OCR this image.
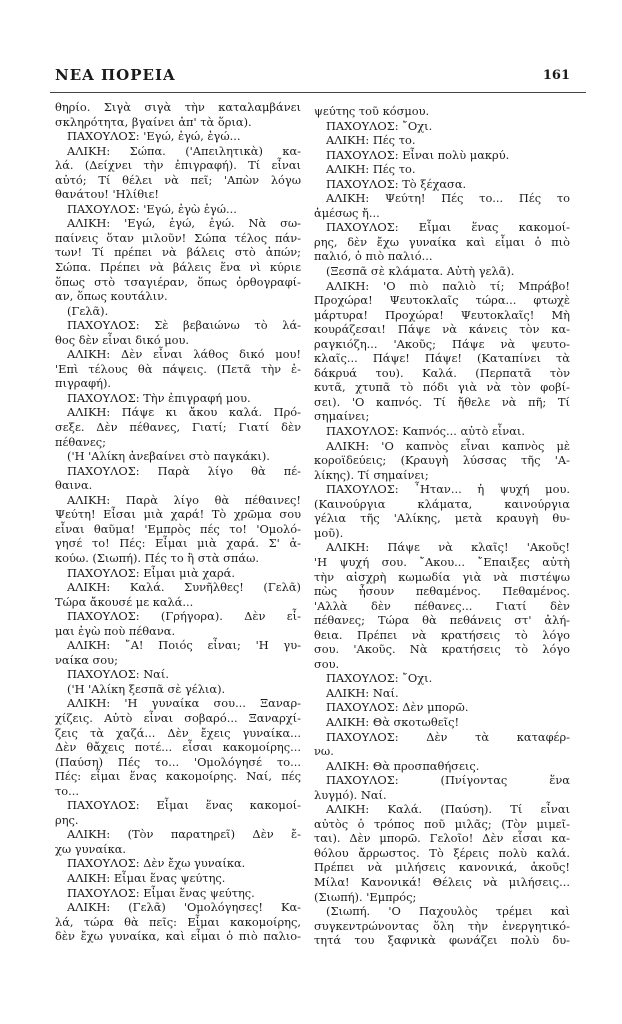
ΝΕΑ ΠΟΡΕΙΑ	161
θηρίο. Σιγὰ σιγὰ τὴν καταλαμβάνει
σκληρότητα, βγαίνει ἀπ' τὰ ὅρια).
ΠΑΧΟΥΛΟΣ: 'Εγώ, ἐγώ, ἐγώ...
ΑΛΙΚΗ: Σώπα. ('Απειλητικὰ) κα-
λά. (Δείχνει τὴν ἐπιγραφή). Τί εἶναι
αὐτό; Τί θέλει νὰ πεῖ; 'Απὼν λόγω
θανάτου! 'Ηλίθιε!
ΠΑΧΟΥΛΟΣ: 'Εγώ, ἐγὼ ἐγώ...
ΑΛΙΚΗ: 'Εγώ, ἐγώ, ἐγώ. Νὰ σω-
παίνεις ὅταν μιλοῦν! Σώπα τέλος πάν-
των! Τί πρέπει νὰ βάλεις στὸ ἀπών;
Σώπα. Πρέπει νὰ βάλεις ἕνα νὶ κύριε
ὅπως στὸ τσαγιέραν, ὅπως ὀρθογραφί-
αν, ὅπως κουτάλιν.
(Γελᾶ).
ΠΑΧΟΥΛΟΣ: Σὲ βεβαιώνω τὸ λά-
θος δὲν εἶναι δικό μου.
ΑΛΙΚΗ: Δὲν εἶναι λάθος δικό μου!
'Επὶ τέλους θὰ πάψεις. (Πετᾶ τὴν ἐ-
πιγραφή).
ΠΑΧΟΥΛΟΣ: Τὴν ἐπιγραφή μου.
ΑΛΙΚΗ: Πάψε κι ἄκου καλά. Πρό-
σεξε. Δὲν πέθανες, Γιατί; Γιατί δὲν
πέθανες;
('Η 'Αλίκη ἀνεβαίνει στὸ παγκάκι).
ΠΑΧΟΥΛΟΣ: Παρὰ λίγο θὰ πέ-
θαινα.
ΑΛΙΚΗ: Παρὰ λίγο θὰ πέθαινες!
Ψεύτη! Εἶσαι μιὰ χαρά! Τὸ χρῶμα σου
εἶναι θαῦμα! 'Εμπρὸς πές το! 'Ομολό-
γησέ το! Πές: Εἶμαι μιὰ χαρά. Σ' ἀ-
κούω. (Σιωπή). Πές το ἢ στὰ σπάω.
ΠΑΧΟΥΛΟΣ: Εἶμαι μιὰ χαρά.
ΑΛΙΚΗ: Καλά. Συνῆλθες! (Γελᾶ)
Τώρα ἄκουσέ με καλά...
ΠΑΧΟΥΛΟΣ: (Γρήγορα). Δὲν εἶ-
μαι ἐγὼ ποὺ πέθανα.
ΑΛΙΚΗ: ῎Α! Ποιός εἶναι; 'Η γυ-
ναίκα σου;
ΠΑΧΟΥΛΟΣ: Ναί.
('Η 'Αλίκη ξεσπᾶ σὲ γέλια).
ΑΛΙΚΗ: 'Η γυναίκα σου... Ξαναρ-
χίζεις. Αὐτὸ εἶναι σοβαρό... Ξαναρχί-
ζεις τὰ χαζά... Δὲν ἔχεις γυναίκα...
Δὲν θἄχεις ποτέ... εἶσαι κακομοίρης...
(Παύση) Πές το... 'Ομολόγησέ το...
Πές: εἶμαι ἕνας κακομοίρης. Ναί, πές
το...
ΠΑΧΟΥΛΟΣ: Εἶμαι ἕνας κακομοί-
ρης.
ΑΛΙΚΗ: (Τὸν παρατηρεῖ) Δὲν ἔ-
χω γυναίκα.
ΠΑΧΟΥΛΟΣ: Δὲν ἔχω γυναίκα.
ΑΛΙΚΗ: Εἶμαι ἕνας ψεύτης.
ΠΑΧΟΥΛΟΣ: Εἶμαι ἕνας ψεύτης.
ΑΛΙΚΗ: (Γελᾶ) 'Ομολόγησες! Κα-
λά, τώρα θὰ πεῖς: Εἶμαι κακομοίρης,
δὲν ἔχω γυναίκα, καὶ εἶμαι ὁ πιὸ παλιο-
ψεύτης τοῦ κόσμου.
ΠΑΧΟΥΛΟΣ: ῎Οχι.
ΑΛΙΚΗ: Πές το.
ΠΑΧΟΥΛΟΣ: Εἶναι πολὺ μακρύ.
ΑΛΙΚΗ: Πές το.
ΠΑΧΟΥΛΟΣ: Τὸ ξέχασα.
ΑΛΙΚΗ: Ψεύτη! Πές το... Πές το
ἀμέσως ἤ...
ΠΑΧΟΥΛΟΣ: Εἶμαι ἕνας κακομοί-
ρης, δὲν ἔχω γυναίκα καὶ εἶμαι ὁ πιὸ
παλιό, ὁ πιὸ παλιό...
(Ξεσπᾶ σὲ κλάματα. Αὐτὴ γελᾶ).
ΑΛΙΚΗ: 'Ο πιὸ παλιὸ τί; Μπράβο!
Προχώρα! Ψευτοκλαῖς τώρα... φτωχὲ
μάρτυρα! Προχώρα! Ψευτοκλαῖς! Μὴ
κουράζεσαι! Πάψε νὰ κάνεις τὸν κα-
ραγκιόζη... 'Ακοῦς; Πάψε νὰ ψευτο-
κλαῖς... Πάψε! Πάψε! (Καταπίνει τὰ
δάκρυά του). Καλά. (Περπατᾶ τὸν
κυτᾶ, χτυπᾶ τὸ πόδι γιὰ νὰ τὸν φοβί-
σει). 'Ο καπνός. Τί ἤθελε νὰ πῆ; Τί
σημαίνει;
ΠΑΧΟΥΛΟΣ: Καπνός... αὐτὸ εἶναι.
ΑΛΙΚΗ: 'Ο καπνὸς εἶναι καπνὸς μὲ
κοροϊδεύεις; (Κραυγὴ λύσσας τῆς 'Α-
λίκης). Τί σημαίνει;
ΠΑΧΟΥΛΟΣ: ῏Ηταν... ἡ ψυχή μου.
(Καινούργια κλάματα, καινούργια
γέλια τῆς 'Αλίκης, μετὰ κραυγὴ θυ-
μοῦ).
ΑΛΙΚΗ: Πάψε νὰ κλαῖς! 'Ακοῦς!
'Η ψυχή σου. ῎Ακου... ῎Επαιξες αὐτὴ
τὴν αἰσχρὴ κωμωδία γιὰ νὰ πιστέψω
πὼς ἦσουν πεθαμένος. Πεθαμένος.
'Αλλὰ δὲν πέθανες... Γιατί δὲν
πέθανες; Τώρα θὰ πεθάνεις στ' ἀλή-
θεια. Πρέπει νὰ κρατήσεις τὸ λόγο
σου. 'Ακοῦς. Νὰ κρατήσεις τὸ λόγο
σου.
ΠΑΧΟΥΛΟΣ: ῎Οχι.
ΑΛΙΚΗ: Ναί.
ΠΑΧΟΥΛΟΣ: Δὲν μπορῶ.
ΑΛΙΚΗ: Θὰ σκοτωθεῖς!
ΠΑΧΟΥΛΟΣ: Δὲν τὰ καταφέρ-
νω.
ΑΛΙΚΗ: Θὰ προσπαθήσεις.
ΠΑΧΟΥΛΟΣ: (Πνίγοντας ἕνα
λυγμό). Ναί.
ΑΛΙΚΗ: Καλά. (Παύση). Τί εἶναι
αὐτὸς ὁ τρόπος ποῦ μιλᾶς; (Τὸν μιμεῖ-
ται). Δὲν μπορῶ. Γελοῖο! Δὲν εἶσαι κα-
θόλου ἄρρωστος. Τὸ ξέρεις πολὺ καλά.
Πρέπει νὰ μιλήσεις κανονικά, ἀκοῦς!
Μίλα! Κανονικά! Θέλεις νὰ μιλήσεις...
(Σιωπή). 'Εμπρός;
(Σιωπή. 'Ο Παχουλὸς τρέμει καὶ
συγκεντρώνοντας ὅλη τὴν ἐνεργητικό-
τητά του ξαφνικὰ φωνάζει πολὺ δυ-
